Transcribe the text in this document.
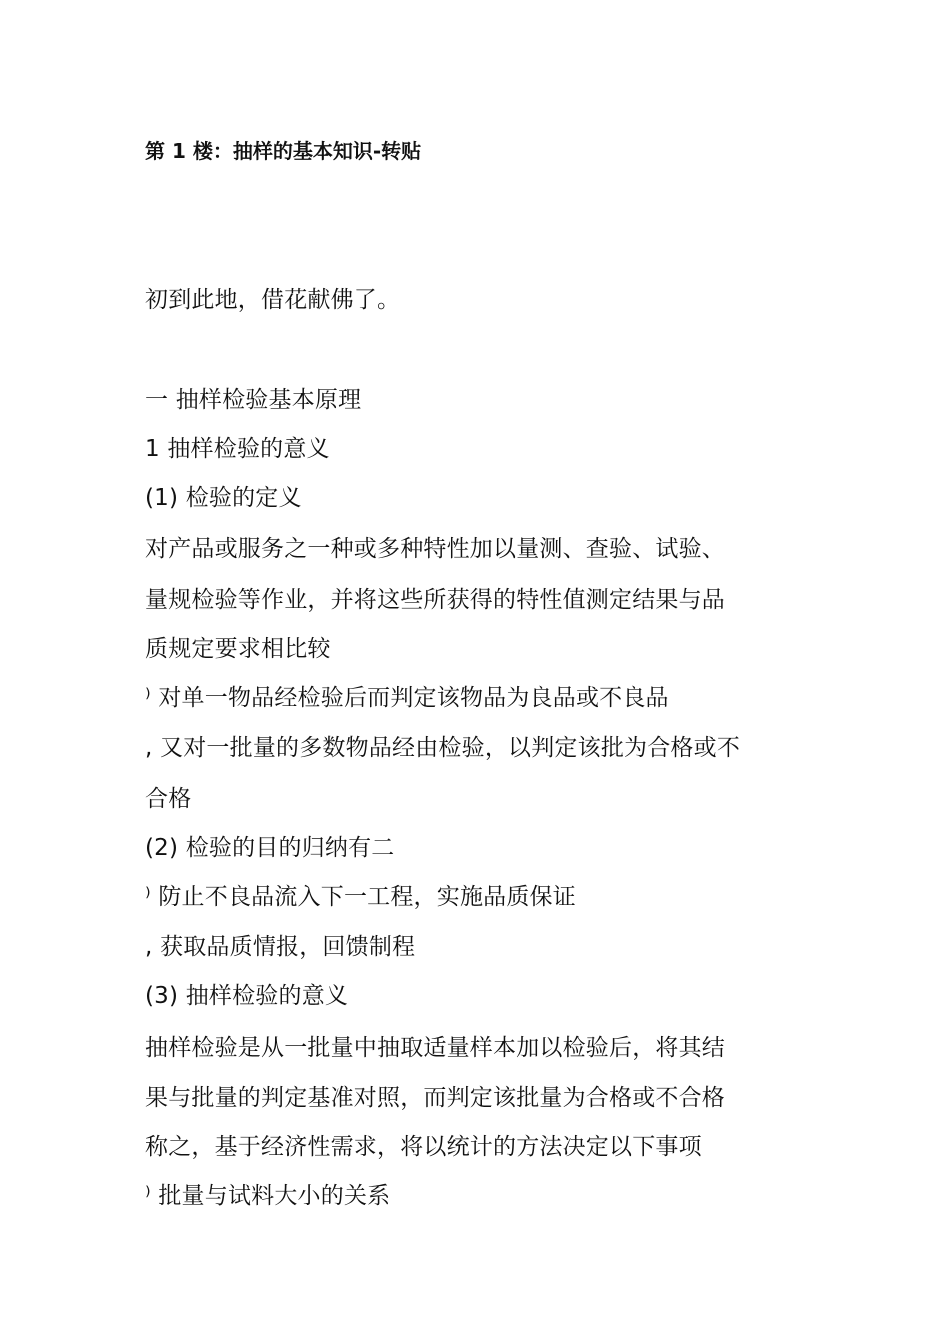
第 1 楼：抽样的基本知识-转贴
初到此地，借花献佛了。
一 抽样检验基本原理
1 抽样检验的意义
(1) 检验的定义
对产品或服务之一种或多种特性加以量测、查验、试验、
量规检验等作业，并将这些所获得的特性值测定结果与品
质规定要求相比较
⁾ 对单一物品经检验后而判定该物品为良品或不良品
, 又对一批量的多数物品经由检验，以判定该批为合格或不
合格
(2) 检验的目的归纳有二
⁾ 防止不良品流入下一工程，实施品质保证
, 获取品质情报，回馈制程
(3) 抽样检验的意义
抽样检验是从一批量中抽取适量样本加以检验后，将其结
果与批量的判定基准对照，而判定该批量为合格或不合格
称之，基于经济性需求，将以统计的方法决定以下事项
⁾ 批量与试料大小的关系
